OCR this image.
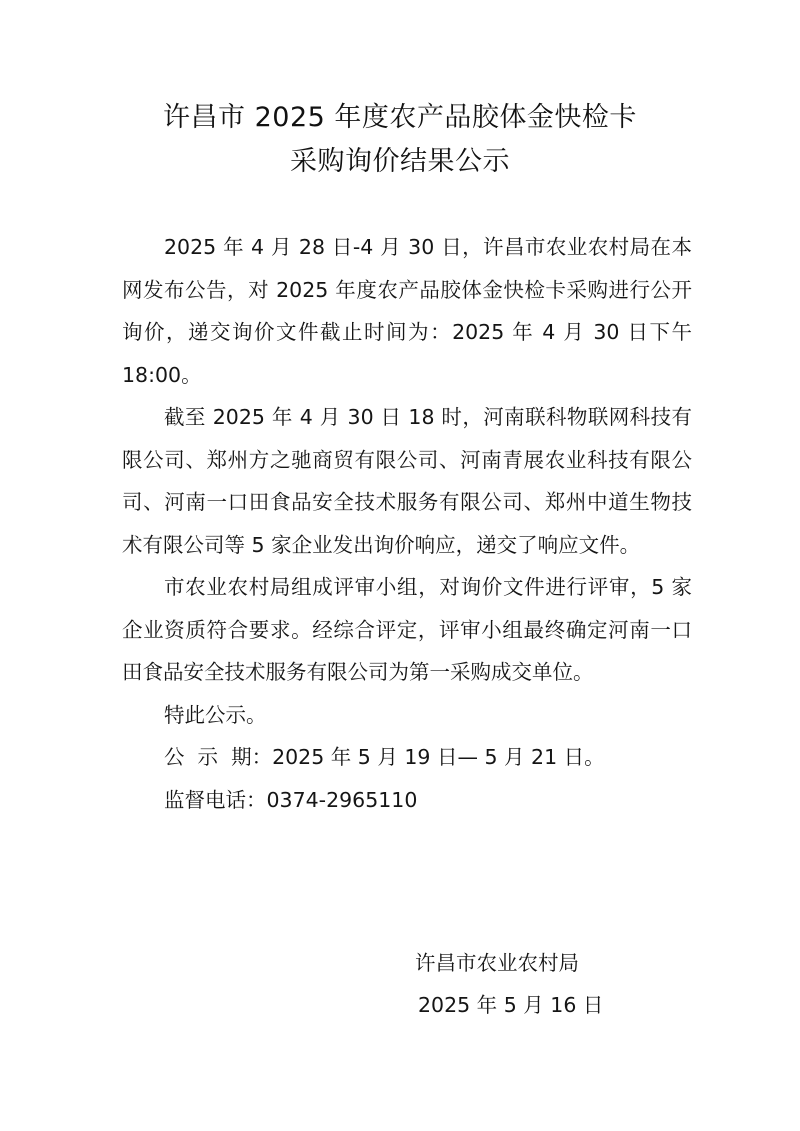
许昌市 2025 年度农产品胶体金快检卡
采购询价结果公示

2025 年 4 月 28 日-4 月 30 日，许昌市农业农村局在本网发布公告，对 2025 年度农产品胶体金快检卡采购进行公开询价，递交询价文件截止时间为：2025 年 4 月 30 日下午 18:00。

截至 2025 年 4 月 30 日 18 时，河南联科物联网科技有限公司、郑州方之驰商贸有限公司、河南青展农业科技有限公司、河南一口田食品安全技术服务有限公司、郑州中道生物技术有限公司等 5 家企业发出询价响应，递交了响应文件。

市农业农村局组成评审小组，对询价文件进行评审，5 家企业资质符合要求。经综合评定，评审小组最终确定河南一口田食品安全技术服务有限公司为第一采购成交单位。

特此公示。

公  示  期：2025 年 5 月 19 日— 5 月 21 日。

监督电话：0374-2965110

许昌市农业农村局
2025 年 5 月 16 日
